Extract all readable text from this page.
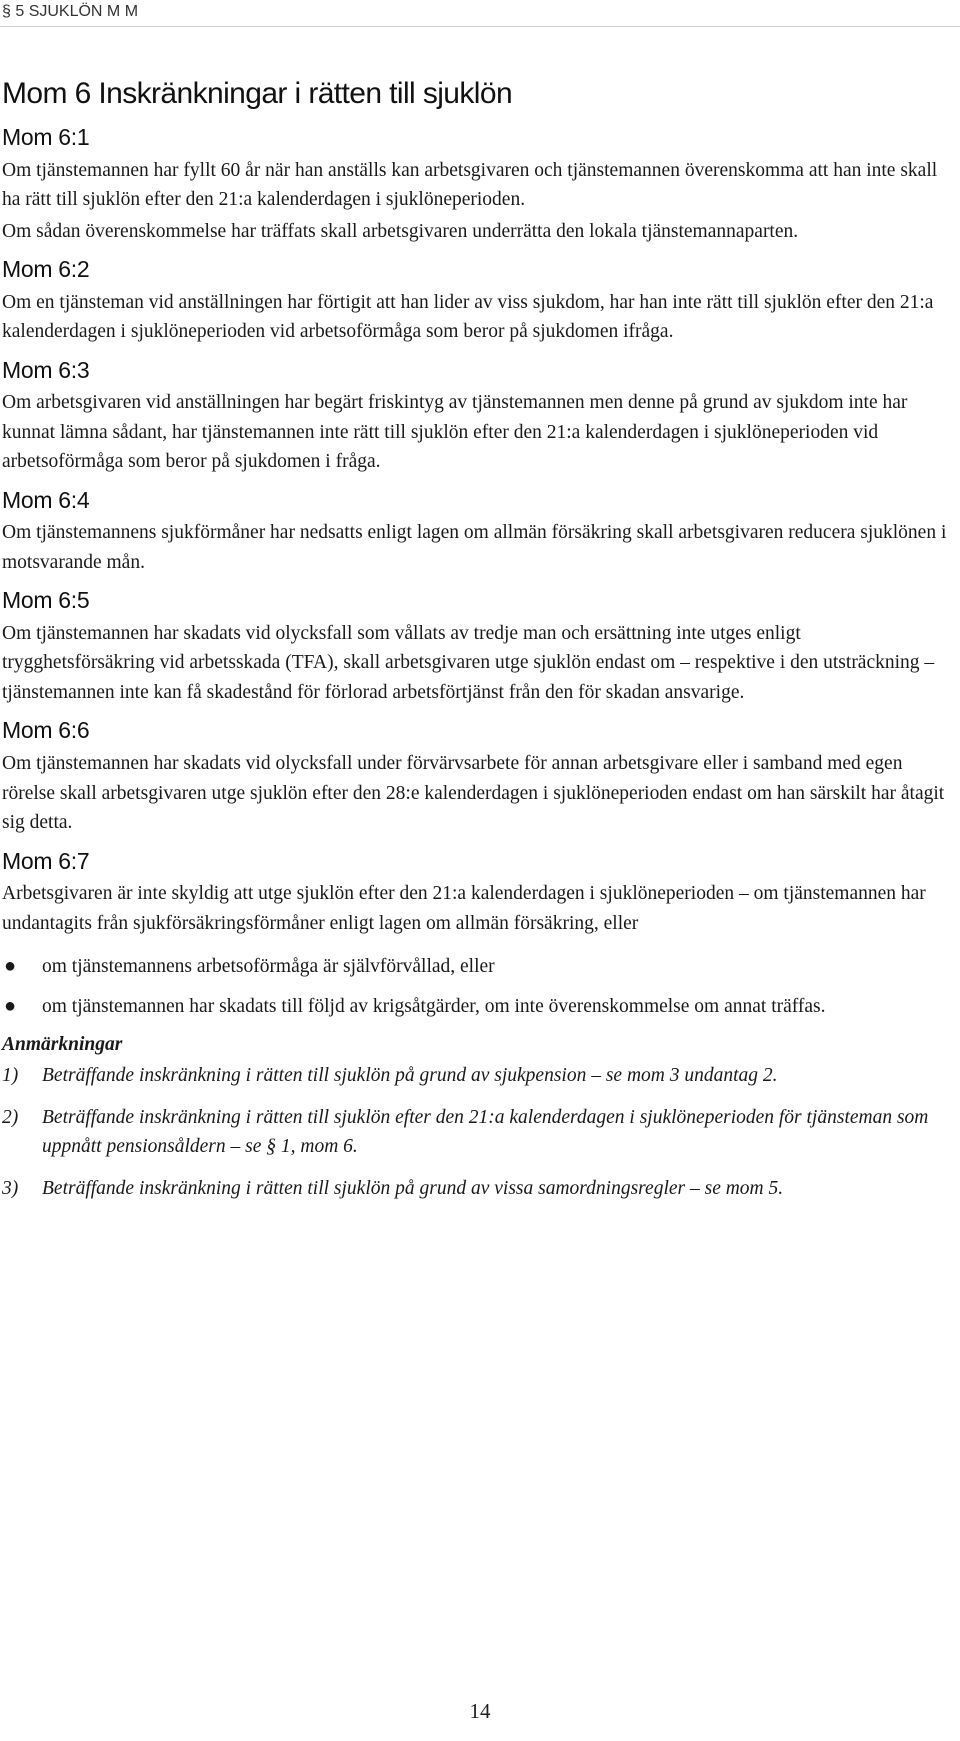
§ 5 SJUKLÖN M M
Mom 6 Inskränkningar i rätten till sjuklön
Mom 6:1

Om tjänstemannen har fyllt 60 år när han anställs kan arbetsgivaren och tjänstemannen överenskomma att han inte skall ha rätt till sjuklön efter den 21:a kalenderdagen i sjuklöneperioden.

Om sådan överenskommelse har träffats skall arbetsgivaren underrätta den lokala tjänstemannaparten.

Mom 6:2

Om en tjänsteman vid anställningen har förtigit att han lider av viss sjukdom, har han inte rätt till sjuklön efter den 21:a kalenderdagen i sjuklöneperioden vid arbetsoförmåga som beror på sjukdomen ifråga.

Mom 6:3

Om arbetsgivaren vid anställningen har begärt friskintyg av tjänstemannen men denne på grund av sjukdom inte har kunnat lämna sådant, har tjänstemannen inte rätt till sjuklön efter den 21:a kalenderdagen i sjuklöneperioden vid arbetsoförmåga som beror på sjukdomen i fråga.

Mom 6:4

Om tjänstemannens sjukförmåner har nedsatts enligt lagen om allmän försäkring skall arbetsgivaren reducera sjuklönen i motsvarande mån.

Mom 6:5

Om tjänstemannen har skadats vid olycksfall som vållats av tredje man och ersättning inte utges enligt trygghetsförsäkring vid arbetsskada (TFA), skall arbetsgivaren utge sjuklön endast om – respektive i den utsträckning – tjänstemannen inte kan få skadestånd för förlorad arbetsförtjänst från den för skadan ansvarige.

Mom 6:6

Om tjänstemannen har skadats vid olycksfall under förvärvsarbete för annan arbetsgivare eller i samband med egen rörelse skall arbetsgivaren utge sjuklön efter den 28:e kalenderdagen i sjuklöneperioden endast om han särskilt har åtagit sig detta.

Mom 6:7

Arbetsgivaren är inte skyldig att utge sjuklön efter den 21:a kalenderdagen i sjuklöneperioden – om tjänstemannen har undantagits från sjukförsäkringsförmåner enligt lagen om allmän försäkring, eller

● om tjänstemannens arbetsoförmåga är självförvållad, eller
● om tjänstemannen har skadats till följd av krigsåtgärder, om inte överenskommelse om annat träffas.
Anmärkningar
1) Beträffande inskränkning i rätten till sjuklön på grund av sjukpension – se mom 3 undantag 2.
2) Beträffande inskränkning i rätten till sjuklön efter den 21:a kalenderdagen i sjuklöneperioden för tjänsteman som uppnått pensionsåldern – se § 1, mom 6.
3) Beträffande inskränkning i rätten till sjuklön på grund av vissa samordningsregler – se mom 5.
14
